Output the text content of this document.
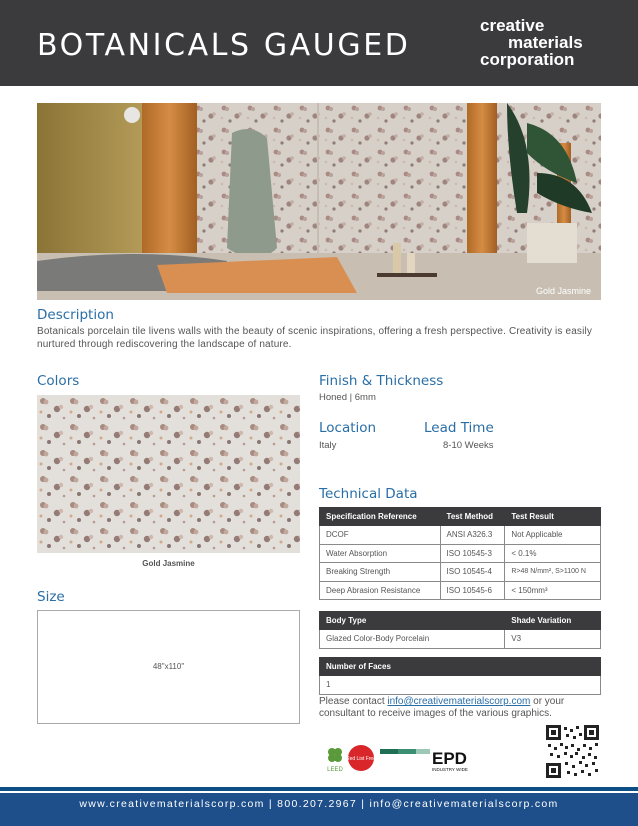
BOTANICALS GAUGED
creative
materials
corporation
Gold Jasmine
Description
Botanicals porcelain tile livens walls with the beauty of scenic inspirations, offering a fresh perspective. Creativity is easily nurtured through rediscovering the landscape of nature.
Colors
Gold Jasmine
Size
48"x110"
Finish & Thickness
Honed | 6mm
Location
Italy
Lead Time
8-10 Weeks
Technical Data
Specification Reference	Test Method	Test Result
DCOF	ANSI A326.3	Not Applicable
Water Absorption	ISO 10545-3	< 0.1%
Breaking Strength	ISO 10545-4	R>48 N/mm², S>1100 N
Deep Abrasion Resistance	ISO 10545-6	< 150mm³
Body Type	Shade Variation
Glazed Color-Body Porcelain	V3
Number of Faces
1
Please contact info@creativematerialscorp.com or your consultant to receive images of the various graphics.
LEED
Red List Free	EPD
INDUSTRY WIDE
www.creativematerialscorp.com | 800.207.2967 | info@creativematerialscorp.com
